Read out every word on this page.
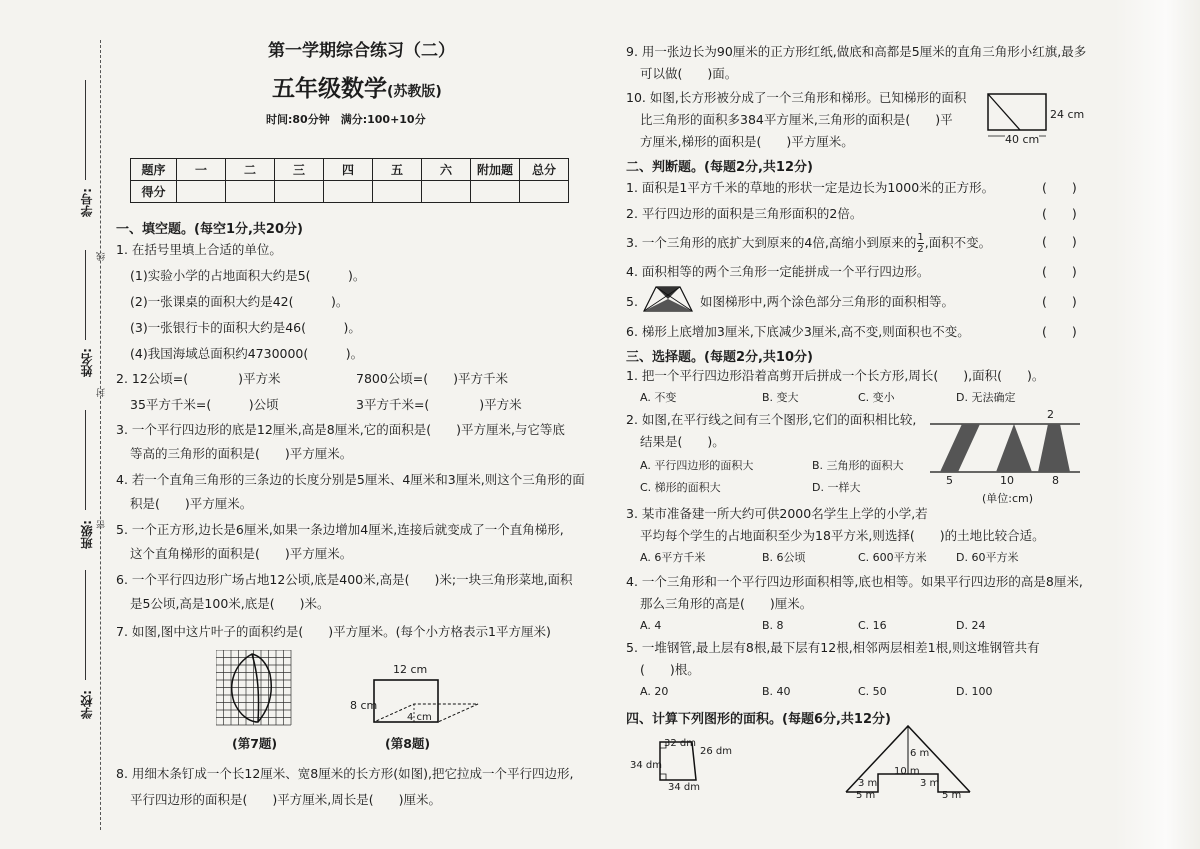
学号:
线
姓名:
封
班级: 密
学校:
第一学期综合练习（二）
五年级数学(苏教版)
时间:80分钟　满分:100+10分
题序	一	二	三	四	五	六	附加题	总分
得分								
一、填空题。(每空1分,共20分)
1. 在括号里填上合适的单位。
(1)实验小学的占地面积大约是5(　　　)。
(2)一张课桌的面积大约是42(　　　)。
(3)一张银行卡的面积大约是46(　　　)。
(4)我国海域总面积约4730000(　　　)。
2. 12公顷=(　　　　)平方米	7800公顷=(　　)平方千米
35平方千米=(　　　)公顷	3平方千米=(　　　　)平方米
3. 一个平行四边形的底是12厘米,高是8厘米,它的面积是(　　)平方厘米,与它等底
等高的三角形的面积是(　　)平方厘米。
4. 若一个直角三角形的三条边的长度分别是5厘米、4厘米和3厘米,则这个三角形的面
积是(　　)平方厘米。
5. 一个正方形,边长是6厘米,如果一条边增加4厘米,连接后就变成了一个直角梯形,
这个直角梯形的面积是(　　)平方厘米。
6. 一个平行四边形广场占地12公顷,底是400米,高是(　　)米;一块三角形菜地,面积
是5公顷,高是100米,底是(　　)米。
7. 如图,图中这片叶子的面积约是(　　)平方厘米。(每个小方格表示1平方厘米)
(第7题)
12 cm
8 cm
4 cm
(第8题)
8. 用细木条钉成一个长12厘米、宽8厘米的长方形(如图),把它拉成一个平行四边形,
平行四边形的面积是(　　)平方厘米,周长是(　　)厘米。
9. 用一张边长为90厘米的正方形红纸,做底和高都是5厘米的直角三角形小红旗,最多
可以做(　　)面。
10. 如图,长方形被分成了一个三角形和梯形。已知梯形的面积
比三角形的面积多384平方厘米,三角形的面积是(　　)平
方厘米,梯形的面积是(　　)平方厘米。
24 cm
40 cm
二、判断题。(每题2分,共12分)
1. 面积是1平方千米的草地的形状一定是边长为1000米的正方形。	(　　)
2. 平行四边形的面积是三角形面积的2倍。	(　　)
3. 一个三角形的底扩大到原来的4倍,高缩小到原来的 $\frac{1}{2}$ ,面积不变。	(　　)
4. 面积相等的两个三角形一定能拼成一个平行四边形。	(　　)
5.	如图梯形中,两个涂色部分三角形的面积相等。	(　　)
6. 梯形上底增加3厘米,下底减少3厘米,高不变,则面积也不变。	(　　)
三、选择题。(每题2分,共10分)
1. 把一个平行四边形沿着高剪开后拼成一个长方形,周长(　　),面积(　　)。
A. 不变	B. 变大	C. 变小	D. 无法确定
2. 如图,在平行线之间有三个图形,它们的面积相比较,
结果是(　　)。
A. 平行四边形的面积大	B. 三角形的面积大
C. 梯形的面积大	D. 一样大
2
5	10	8
(单位:cm)
3. 某市准备建一所大约可供2000名学生上学的小学,若
平均每个学生的占地面积至少为18平方米,则选择(　　)的土地比较合适。
A. 6平方千米	B. 6公顷	C. 600平方米	D. 60平方米
4. 一个三角形和一个平行四边形面积相等,底也相等。如果平行四边形的高是8厘米,
那么三角形的高是(　　)厘米。
A. 4	B. 8	C. 16	D. 24
5. 一堆钢管,最上层有8根,最下层有12根,相邻两层相差1根,则这堆钢管共有
(　　)根。
A. 20	B. 40	C. 50	D. 100
四、计算下列图形的面积。(每题6分,共12分)
32 dm
34 dm
26 dm
34 dm
6 m
10 m
3 m	3 m
5 m	5 m
